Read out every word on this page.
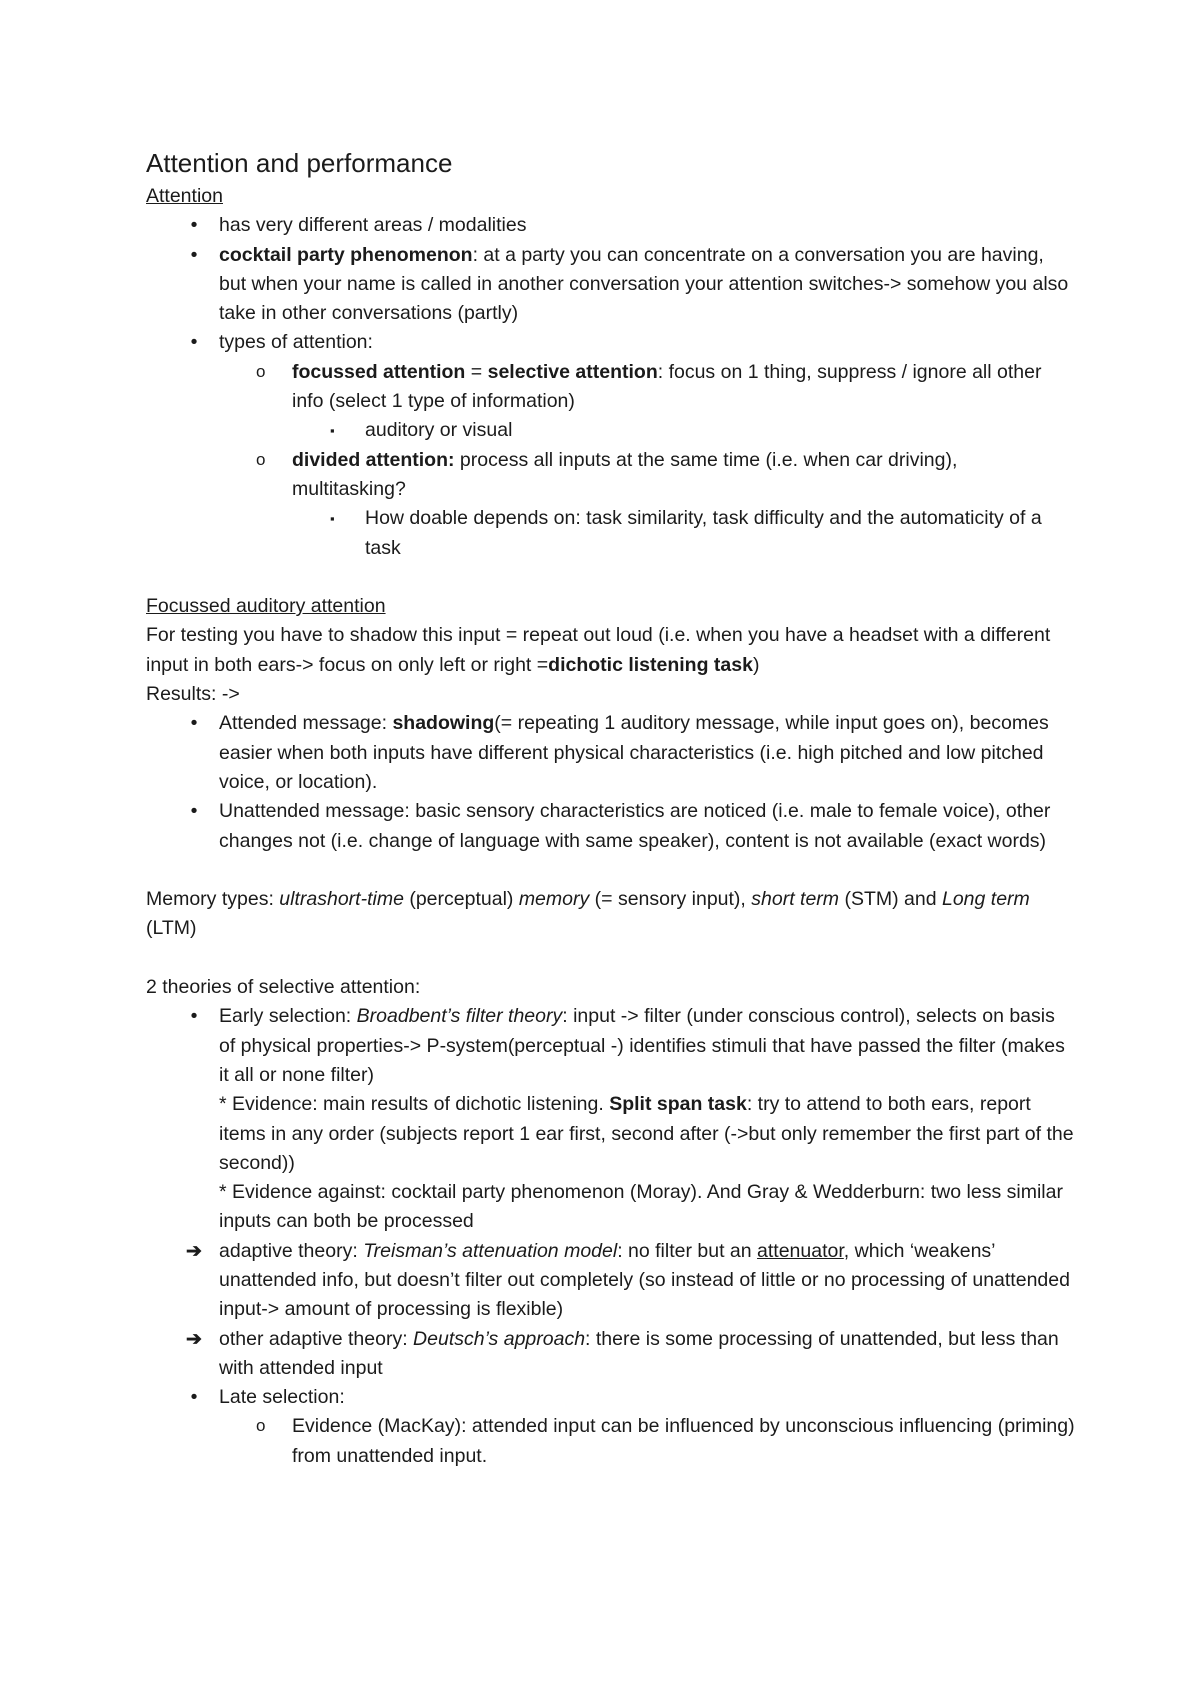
Attention and performance
Attention
•	has very different areas / modalities
•	cocktail party phenomenon: at a party you can concentrate on a conversation you are having, but when your name is called in another conversation your attention switches-> somehow you also take in other conversations (partly)
•	types of attention:
o focussed attention = selective attention: focus on 1 thing, suppress / ignore all other info (select 1 type of information)
▪ auditory or visual
o divided attention: process all inputs at the same time (i.e. when car driving), multitasking?
▪ How doable depends on: task similarity, task difficulty and the automaticity of a task
Focussed auditory attention
For testing you have to shadow this input = repeat out loud (i.e. when you have a headset with a different input in both ears-> focus on only left or right =dichotic listening task)
Results: ->
•	Attended message: shadowing(= repeating 1 auditory message, while input goes on), becomes easier when both inputs have different physical characteristics (i.e. high pitched and low pitched voice, or location).
•	Unattended message: basic sensory characteristics are noticed (i.e. male to female voice), other changes not (i.e. change of language with same speaker), content is not available (exact words)
Memory types: ultrashort-time (perceptual) memory (= sensory input), short term (STM) and Long term (LTM)
2 theories of selective attention:
•	Early selection: Broadbent’s filter theory: input -> filter (under conscious control), selects on basis of physical properties-> P-system(perceptual -) identifies stimuli that have passed the filter (makes it all or none filter)
* Evidence: main results of dichotic listening. Split span task: try to attend to both ears, report items in any order (subjects report 1 ear first, second after (->but only remember the first part of the second))
* Evidence against: cocktail party phenomenon (Moray). And Gray & Wedderburn: two less similar inputs can both be processed
➔ adaptive theory: Treisman’s attenuation model: no filter but an attenuator, which ‘weakens’ unattended info, but doesn’t filter out completely (so instead of little or no processing of unattended input-> amount of processing is flexible)
➔ other adaptive theory: Deutsch’s approach: there is some processing of unattended, but less than with attended input
•	Late selection:
o Evidence (MacKay): attended input can be influenced by unconscious influencing (priming) from unattended input.
